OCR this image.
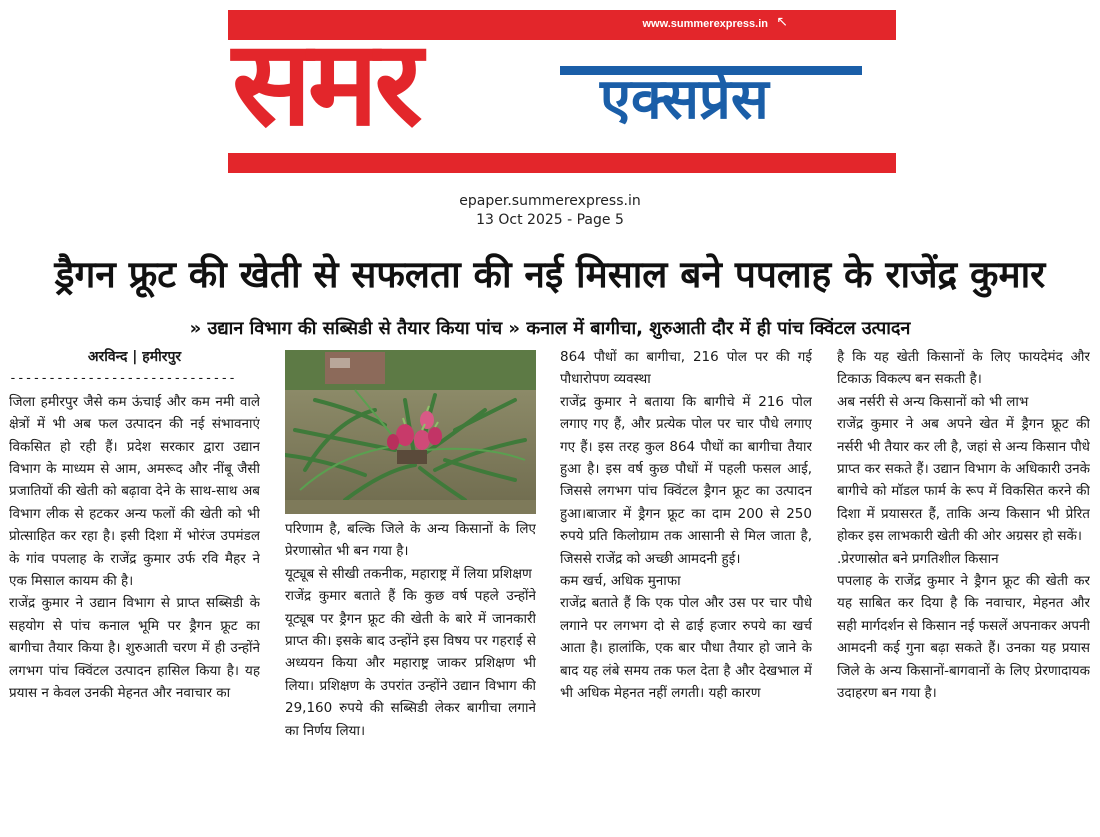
समर	एक्सप्रेस
www.summerexpress.in ↖
epaper.summerexpress.in
13 Oct 2025 - Page 5
ड्रैगन फ्रूट की खेती से सफलता की नई मिसाल बने पपलाह के राजेंद्र कुमार
» उद्यान विभाग की सब्सिडी से तैयार किया पांच » कनाल में बागीचा, शुरुआती दौर में ही पांच क्विंटल उत्पादन

अरविन्द | हमीरपुर

-----------------------------

जिला हमीरपुर जैसे कम ऊंचाई और कम नमी वाले क्षेत्रों में भी अब फल उत्पादन की नई संभावनाएं विकसित हो रही हैं। प्रदेश सरकार द्वारा उद्यान विभाग के माध्यम से आम, अमरूद और नींबू जैसी प्रजातियों की खेती को बढ़ावा देने के साथ-साथ अब विभाग लीक से हटकर अन्य फलों की खेती को भी प्रोत्साहित कर रहा है। इसी दिशा में भोरंज उपमंडल के गांव पपलाह के राजेंद्र कुमार उर्फ रवि मैहर ने एक मिसाल कायम की है।

राजेंद्र कुमार ने उद्यान विभाग से प्राप्त सब्सिडी के सहयोग से पांच कनाल भूमि पर ड्रैगन फ्रूट का बागीचा तैयार किया है। शुरुआती चरण में ही उन्होंने लगभग पांच क्विंटल उत्पादन हासिल किया है। यह प्रयास न केवल उनकी मेहनत और नवाचार का

परिणाम है, बल्कि जिले के अन्य किसानों के लिए प्रेरणास्रोत भी बन गया है।

यूट्यूब से सीखी तकनीक, महाराष्ट्र में लिया प्रशिक्षण

राजेंद्र कुमार बताते हैं कि कुछ वर्ष पहले उन्होंने यूट्यूब पर ड्रैगन फ्रूट की खेती के बारे में जानकारी प्राप्त की। इसके बाद उन्होंने इस विषय पर गहराई से अध्ययन किया और महाराष्ट्र जाकर प्रशिक्षण भी लिया। प्रशिक्षण के उपरांत उन्होंने उद्यान विभाग की 29,160 रुपये की सब्सिडी लेकर बागीचा लगाने का निर्णय लिया।

864 पौधों का बागीचा, 216 पोल पर की गई पौधारोपण व्यवस्था

राजेंद्र कुमार ने बताया कि बागीचे में 216 पोल लगाए गए हैं, और प्रत्येक पोल पर चार पौधे लगाए गए हैं। इस तरह कुल 864 पौधों का बागीचा तैयार हुआ है। इस वर्ष कुछ पौधों में पहली फसल आई, जिससे लगभग पांच क्विंटल ड्रैगन फ्रूट का उत्पादन हुआ।बाजार में ड्रैगन फ्रूट का दाम 200 से 250 रुपये प्रति किलोग्राम तक आसानी से मिल जाता है, जिससे राजेंद्र को अच्छी आमदनी हुई।

कम खर्च, अधिक मुनाफा

राजेंद्र बताते हैं कि एक पोल और उस पर चार पौधे लगाने पर लगभग दो से ढाई हजार रुपये का खर्च आता है। हालांकि, एक बार पौधा तैयार हो जाने के बाद यह लंबे समय तक फल देता है और देखभाल में भी अधिक मेहनत नहीं लगती। यही कारण

है कि यह खेती किसानों के लिए फायदेमंद और टिकाऊ विकल्प बन सकती है।

अब नर्सरी से अन्य किसानों को भी लाभ

राजेंद्र कुमार ने अब अपने खेत में ड्रैगन फ्रूट की नर्सरी भी तैयार कर ली है, जहां से अन्य किसान पौधे प्राप्त कर सकते हैं। उद्यान विभाग के अधिकारी उनके बागीचे को मॉडल फार्म के रूप में विकसित करने की दिशा में प्रयासरत हैं, ताकि अन्य किसान भी प्रेरित होकर इस लाभकारी खेती की ओर अग्रसर हो सकें।

.प्रेरणास्रोत बने प्रगतिशील किसान

पपलाह के राजेंद्र कुमार ने ड्रैगन फ्रूट की खेती कर यह साबित कर दिया है कि नवाचार, मेहनत और सही मार्गदर्शन से किसान नई फसलें अपनाकर अपनी आमदनी कई गुना बढ़ा सकते हैं। उनका यह प्रयास जिले के अन्य किसानों-बागवानों के लिए प्रेरणादायक उदाहरण बन गया है।
